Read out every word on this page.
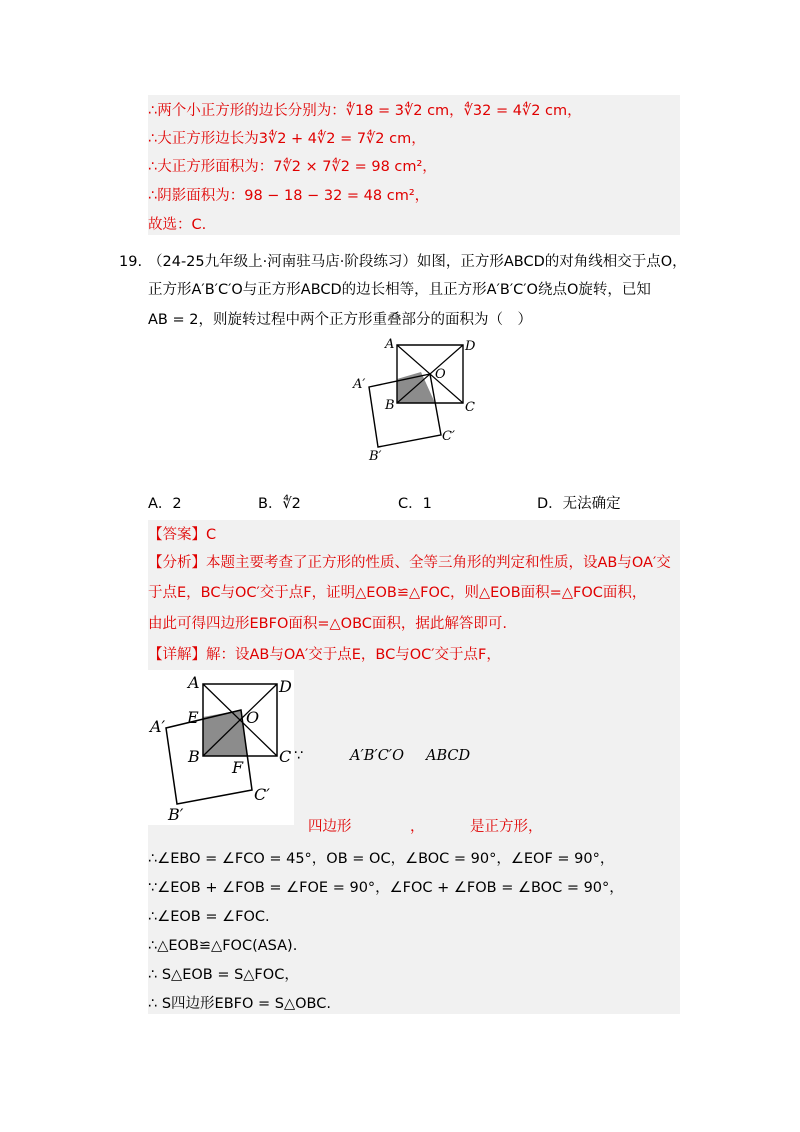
∴两个小正方形的边长分别为：∜18 = 3∜2 cm，∜32 = 4∜2 cm，
∴大正方形边长为3∜2 + 4∜2 = 7∜2 cm，
∴大正方形面积为：7∜2 × 7∜2 = 98 cm²，
∴阴影面积为：98 − 18 − 32 = 48 cm²，
故选：C.
19. （24-25九年级上·河南驻马店·阶段练习）如图，正方形ABCD的对角线相交于点O，
正方形A′B′C′O与正方形ABCD的边长相等，且正方形A′B′C′O绕点O旋转，已知
AB = 2，则旋转过程中两个正方形重叠部分的面积为（　）
A	D
O
A′
B	C
C′
B′
A．2	B．∜2	C．1	D．无法确定
【答案】C
【分析】本题主要考查了正方形的性质、全等三角形的判定和性质，设AB与OA′交
于点E，BC与OC′交于点F，证明△EOB≌△FOC，则△EOB面积=△FOC面积，
由此可得四边形EBFO面积=△OBC面积，据此解答即可.
【详解】解：设AB与OA′交于点E，BC与OC′交于点F，
A	D
E	O
A′
B	C
F
C′
B′
∵	A′B′C′O ABCD
四边形	，	是正方形，
∴∠EBO = ∠FCO = 45°，OB = OC，∠BOC = 90°，∠EOF = 90°，
∵∠EOB + ∠FOB = ∠FOE = 90°，∠FOC + ∠FOB = ∠BOC = 90°，
∴∠EOB = ∠FOC.
∴△EOB≌△FOC(ASA).
∴ S△EOB = S△FOC，
∴ S四边形EBFO = S△OBC.
